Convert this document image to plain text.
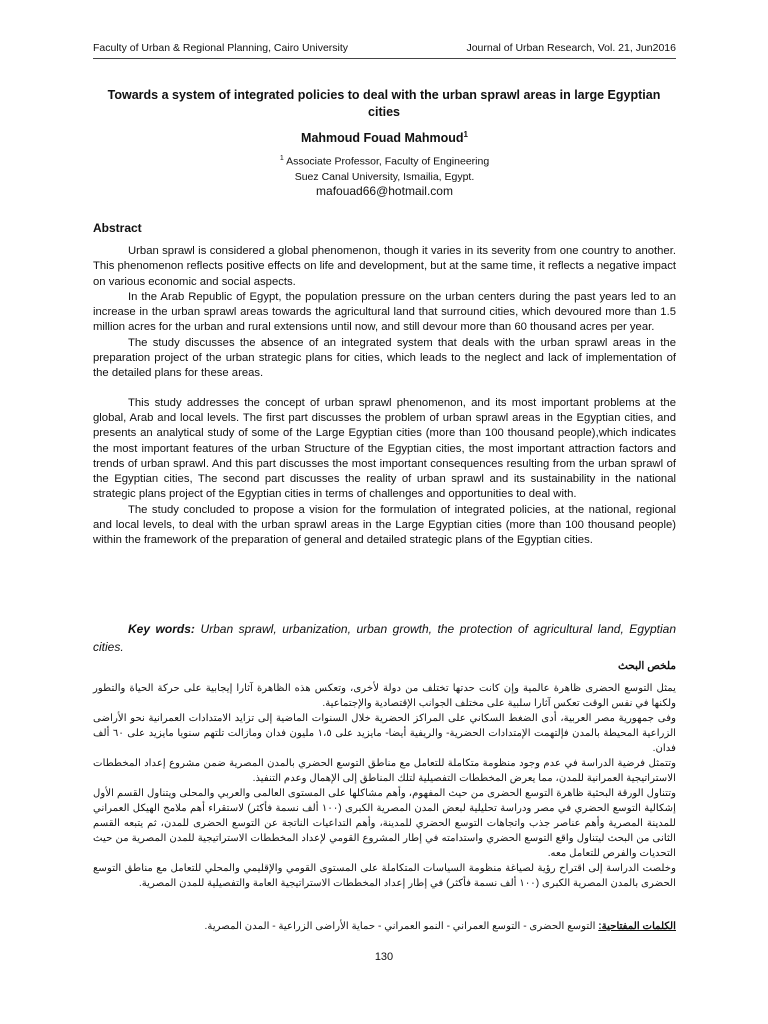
Faculty of Urban & Regional Planning, Cairo University	Journal of Urban Research, Vol. 21, Jun2016
Towards a system of integrated policies to deal with the urban sprawl areas in large Egyptian cities
Mahmoud Fouad Mahmoud$^1$
$^1$ Associate Professor, Faculty of Engineering
Suez Canal University, Ismailia, Egypt.
mafouad66@hotmail.com
Abstract

Urban sprawl is considered a global phenomenon, though it varies in its severity from one country to another. This phenomenon reflects positive effects on life and development, but at the same time, it reflects a negative impact on various economic and social aspects.

In the Arab Republic of Egypt, the population pressure on the urban centers during the past years led to an increase in the urban sprawl areas towards the agricultural land that surround cities, which devoured more than 1.5 million acres for the urban and rural extensions until now, and still devour more than 60 thousand acres per year.

The study discusses the absence of an integrated system that deals with the urban sprawl areas in the preparation project of the urban strategic plans for cities, which leads to the neglect and lack of implementation of the detailed plans for these areas.

This study addresses the concept of urban sprawl phenomenon, and its most important problems at the global, Arab and local levels. The first part discusses the problem of urban sprawl areas in the Egyptian cities, and presents an analytical study of some of the Large Egyptian cities (more than 100 thousand people),which indicates the most important features of the urban Structure of the Egyptian cities, the most important attraction factors and trends of urban sprawl. And this part discusses the most important consequences resulting from the urban sprawl of the Egyptian cities, The second part discusses the reality of urban sprawl and its sustainability in the national strategic plans project of the Egyptian cities in terms of challenges and opportunities to deal with.

The study concluded to propose a vision for the formulation of integrated policies, at the national, regional and local levels, to deal with the urban sprawl areas in the Large Egyptian cities (more than 100 thousand people) within the framework of the preparation of general and detailed strategic plans of the Egyptian cities.

Key words: Urban sprawl, urbanization, urban growth, the protection of agricultural land, Egyptian cities.
ملخص البحث

يمثل التوسع الحضرى ظاهرة عالمية وإن كانت حدتها تختلف من دولة لأخرى، وتعكس هذه الظاهرة آثارا إيجابية على حركة الحياة والتطور ولكنها في نفس الوقت تعكس آثارا سلبية على مختلف الجوانب الإقتصادية والإجتماعية.

وفى جمهورية مصر العربية، أدى الضغط السكاني على المراكز الحضرية خلال السنوات الماضية إلى تزايد الامتدادات العمرانية نحو الأراضى الزراعية المحيطة بالمدن فإلتهمت الإمتدادات الحضرية- والريفية أيضا- مايزيد على ١،٥ مليون فدان ومازالت تلتهم سنويا مايزيد على ٦٠ ألف فدان.

وتتمثل فرضية الدراسة في عدم وجود منظومة متكاملة للتعامل مع مناطق التوسع الحضري بالمدن المصرية ضمن مشروع إعداد المخططات الاستراتيجية العمرانية للمدن، مما يعرض المخططات التفصيلية لتلك المناطق إلى الإهمال وعدم التنفيذ.

وتتناول الورقة البحثية ظاهرة التوسع الحضرى من حيث المفهوم، وأهم مشاكلها على المستوى العالمى والعربي والمحلى ويتناول القسم الأول إشكالية التوسع الحضري في مصر ودراسة تحليلية لبعض المدن المصرية الكبرى (١٠٠ ألف نسمة فأكثر) لاستقراء أهم ملامح الهيكل العمراني للمدينة المصرية وأهم عناصر جذب واتجاهات التوسع الحضري للمدينة، وأهم التداعيات الناتجة عن التوسع الحضرى للمدن، ثم يتبعه القسم الثانى من البحث ليتناول واقع التوسع الحضري واستدامته في إطار المشروع القومي لإعداد المخططات الاستراتيجية للمدن المصرية من حيث التحديات والفرص للتعامل معه.

وخلصت الدراسة إلى اقتراح رؤية لصياغة منظومة السياسات المتكاملة على المستوى القومي والإقليمي والمحلي للتعامل مع مناطق التوسع الحضرى بالمدن المصرية الكبرى (١٠٠ ألف نسمة فأكثر) في إطار إعداد المخططات الاستراتيجية العامة والتفصيلية للمدن المصرية.

الكلمات المفتاحية: التوسع الحضرى - التوسع العمراني - النمو العمراني - حماية الأراضى الزراعية - المدن المصرية.
130
